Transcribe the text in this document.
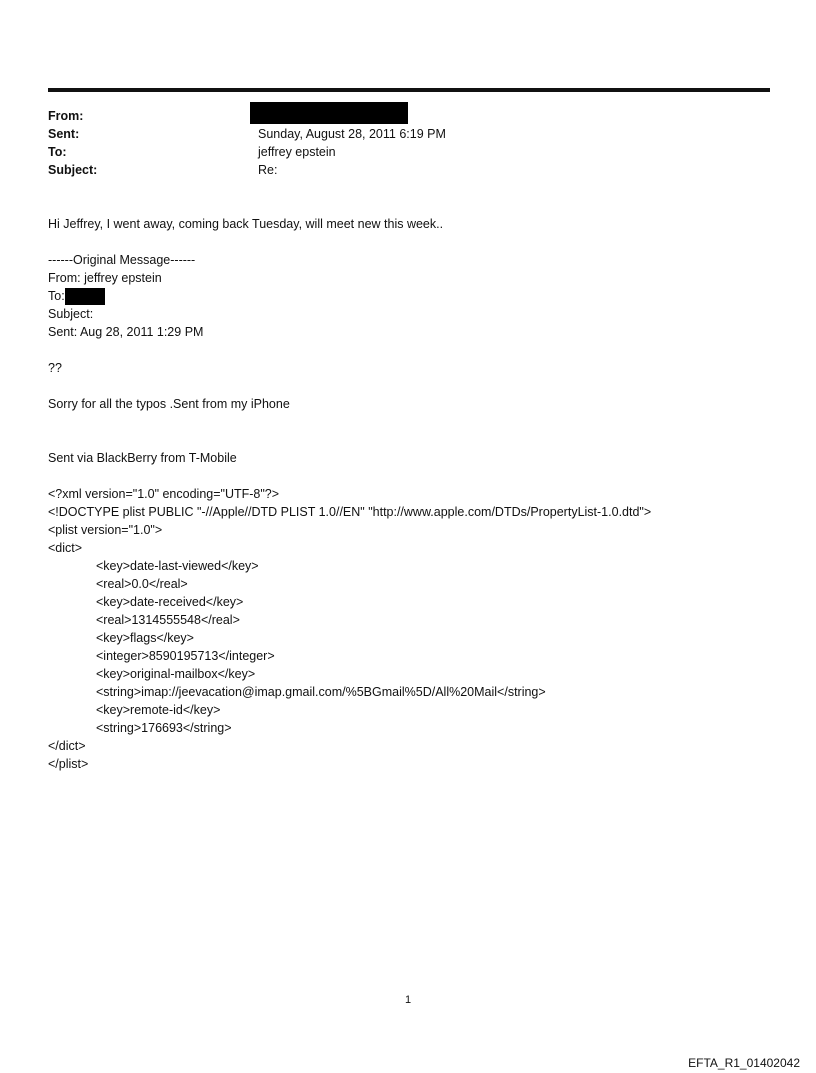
From:
Sent:	Sunday, August 28, 2011 6:19 PM
To:	jeffrey epstein
Subject:	Re:
Hi Jeffrey, I went away, coming back Tuesday, will meet new this week..
------Original Message------
From: jeffrey epstein
To:
Subject:
Sent: Aug 28, 2011 1:29 PM
??
Sorry for all the typos .Sent from my iPhone
Sent via BlackBerry from T-Mobile
<?xml version="1.0" encoding="UTF-8"?>
<!DOCTYPE plist PUBLIC "-//Apple//DTD PLIST 1.0//EN" "http://www.apple.com/DTDs/PropertyList-1.0.dtd">
<plist version="1.0">
<dict>
<key>date-last-viewed</key>
<real>0.0</real>
<key>date-received</key>
<real>1314555548</real>
<key>flags</key>
<integer>8590195713</integer>
<key>original-mailbox</key>
<string>imap://jeevacation@imap.gmail.com/%5BGmail%5D/All%20Mail</string>
<key>remote-id</key>
<string>176693</string>
</dict>
</plist>
1
EFTA_R1_01402042
